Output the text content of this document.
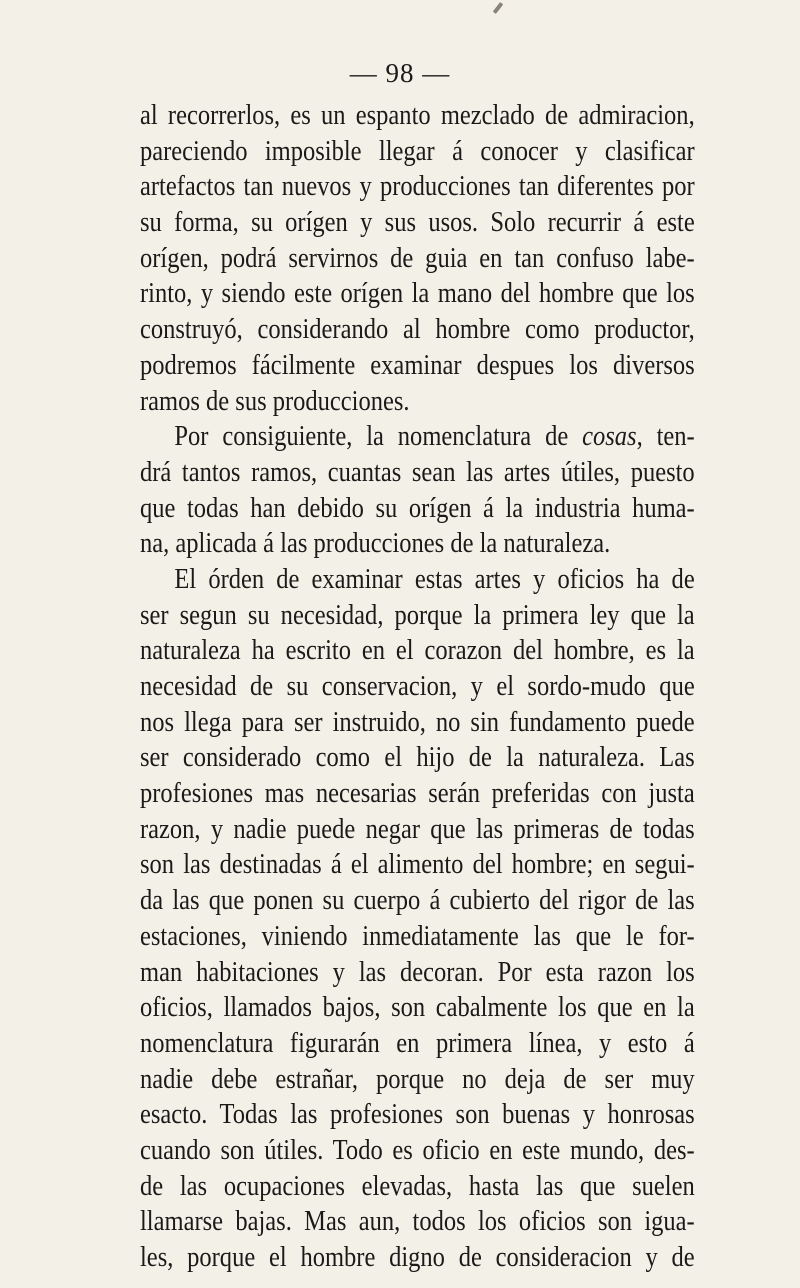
— 98 —
al recorrerlos, es un espanto mezclado de admiracion,
pareciendo imposible llegar á conocer y clasificar
artefactos tan nuevos y producciones tan diferentes por
su forma, su orígen y sus usos. Solo recurrir á este
orígen, podrá servirnos de guia en tan confuso labe-
rinto, y siendo este orígen la mano del hombre que los
construyó, considerando al hombre como productor,
podremos fácilmente examinar despues los diversos
ramos de sus producciones.
Por consiguiente, la nomenclatura de cosas, ten-
drá tantos ramos, cuantas sean las artes útiles, puesto
que todas han debido su orígen á la industria huma-
na, aplicada á las producciones de la naturaleza.
El órden de examinar estas artes y oficios ha de
ser segun su necesidad, porque la primera ley que la
naturaleza ha escrito en el corazon del hombre, es la
necesidad de su conservacion, y el sordo-mudo que
nos llega para ser instruido, no sin fundamento puede
ser considerado como el hijo de la naturaleza. Las
profesiones mas necesarias serán preferidas con justa
razon, y nadie puede negar que las primeras de todas
son las destinadas á el alimento del hombre; en segui-
da las que ponen su cuerpo á cubierto del rigor de las
estaciones, viniendo inmediatamente las que le for-
man habitaciones y las decoran. Por esta razon los
oficios, llamados bajos, son cabalmente los que en la
nomenclatura figurarán en primera línea, y esto á
nadie debe estrañar, porque no deja de ser muy
esacto. Todas las profesiones son buenas y honrosas
cuando son útiles. Todo es oficio en este mundo, des-
de las ocupaciones elevadas, hasta las que suelen
llamarse bajas. Mas aun, todos los oficios son igua-
les, porque el hombre digno de consideracion y de
